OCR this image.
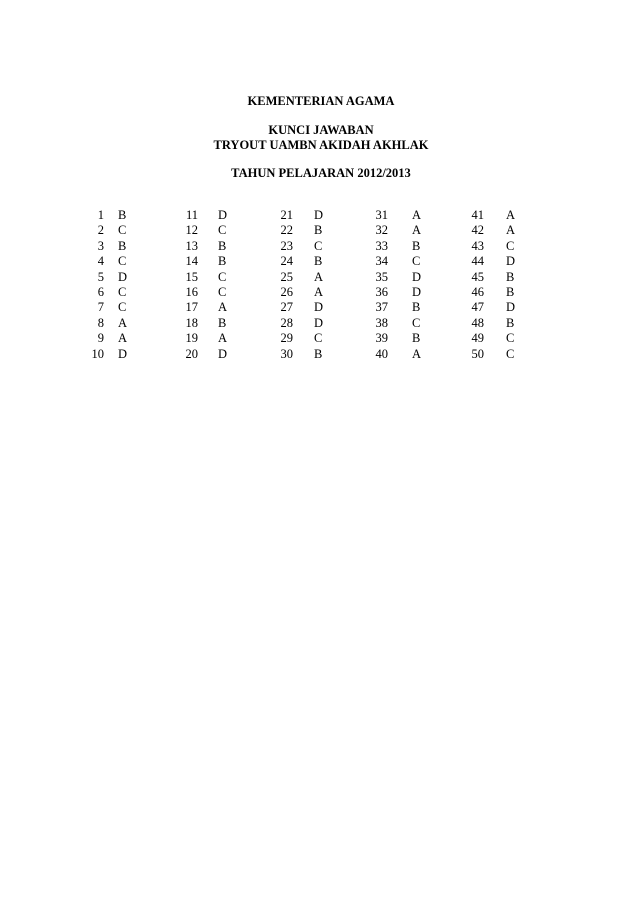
KEMENTERIAN AGAMA
KUNCI JAWABAN
TRYOUT UAMBN AKIDAH AKHLAK
TAHUN PELAJARAN 2012/2013
1 B	11 D	21 D	31 A	41 A
2 C	12 C	22 B	32 A	42 A
3 B	13 B	23 C	33 B	43 C
4 C	14 B	24 B	34 C	44 D
5 D	15 C	25 A	35 D	45 B
6 C	16 C	26 A	36 D	46 B
7 C	17 A	27 D	37 B	47 D
8 A	18 B	28 D	38 C	48 B
9 A	19 A	29 C	39 B	49 C
10 D	20 D	30 B	40 A	50 C
